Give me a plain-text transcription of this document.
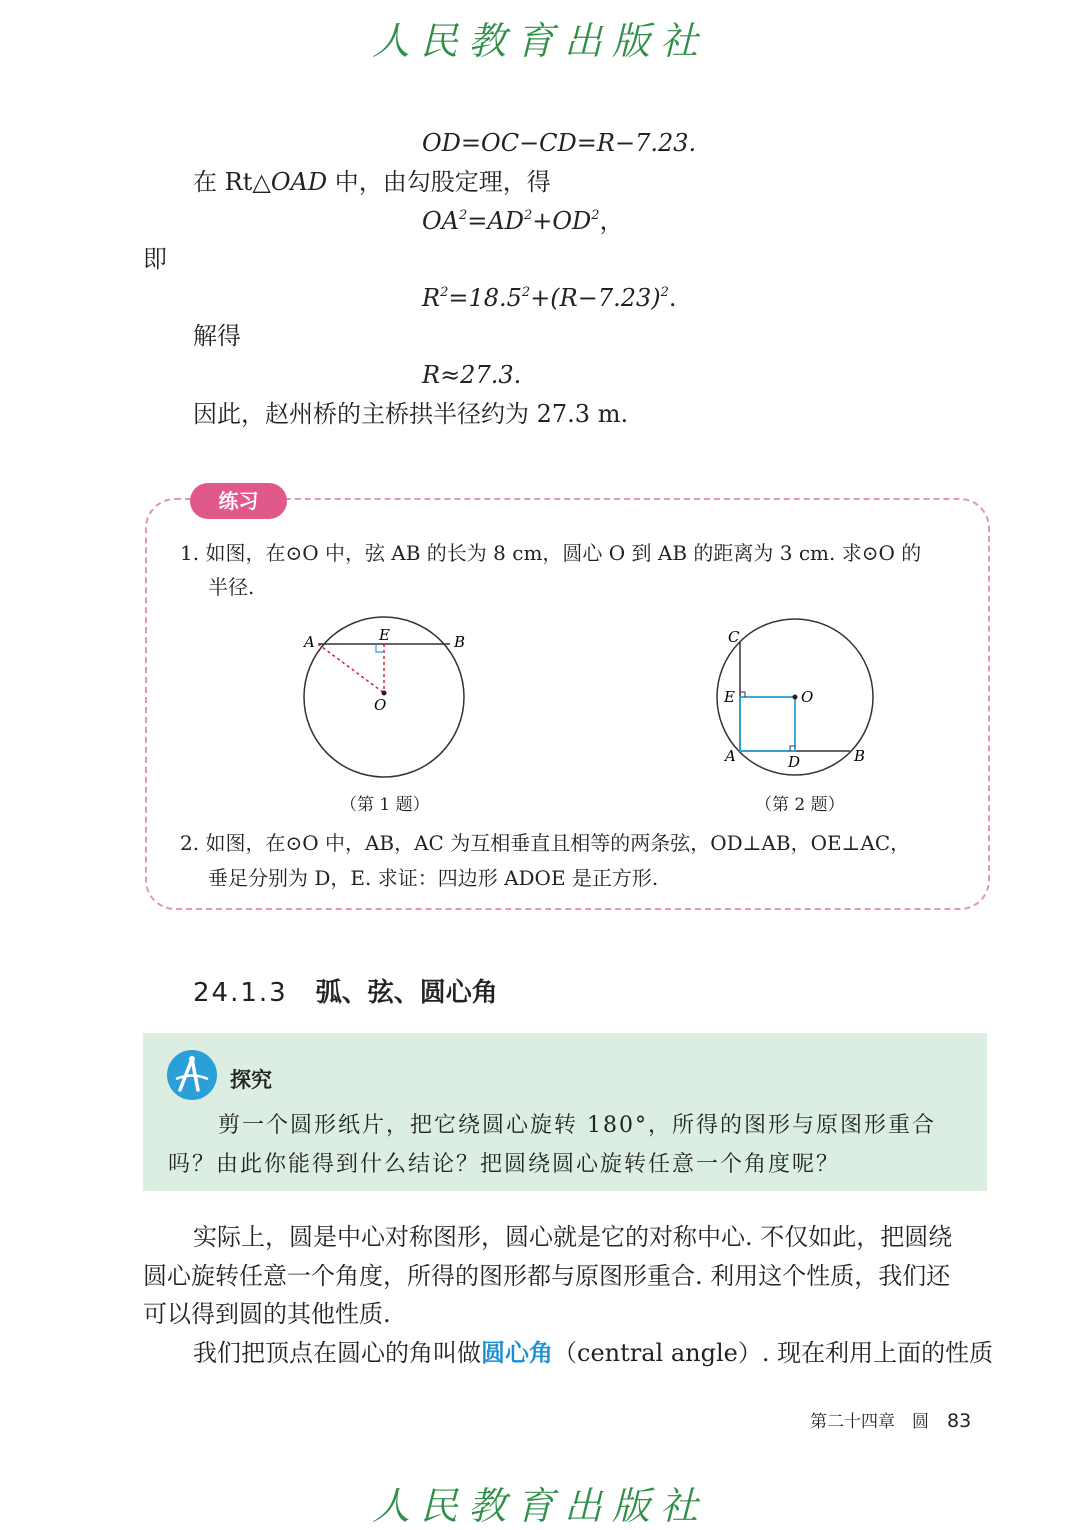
人民教育出版社
OD=OC−CD=R−7.23.
在 Rt△OAD 中，由勾股定理，得
$OA^2=AD^2+OD^2$，
即
$R^2=18.5^2+(R-7.23)^2$.
解得
R≈27.3.
因此，赵州桥的主桥拱半径约为 27.3 m.
练习
1. 如图，在⊙O 中，弦 AB 的长为 8 cm，圆心 O 到 AB 的距离为 3 cm. 求⊙O 的
半径.
A	E	B
O
（第 1 题）
C
E	O
A	D	B
（第 2 题）
2. 如图，在⊙O 中，AB，AC 为互相垂直且相等的两条弦，OD⊥AB，OE⊥AC，
垂足分别为 D，E. 求证：四边形 ADOE 是正方形.
24.1.3 弧、弦、圆心角
探究
剪一个圆形纸片，把它绕圆心旋转 180°，所得的图形与原图形重合
吗？由此你能得到什么结论？把圆绕圆心旋转任意一个角度呢？
实际上，圆是中心对称图形，圆心就是它的对称中心. 不仅如此，把圆绕
圆心旋转任意一个角度，所得的图形都与原图形重合. 利用这个性质，我们还
可以得到圆的其他性质.
我们把顶点在圆心的角叫做圆心角（central angle）. 现在利用上面的性质
第二十四章　圆 83
人民教育出版社
